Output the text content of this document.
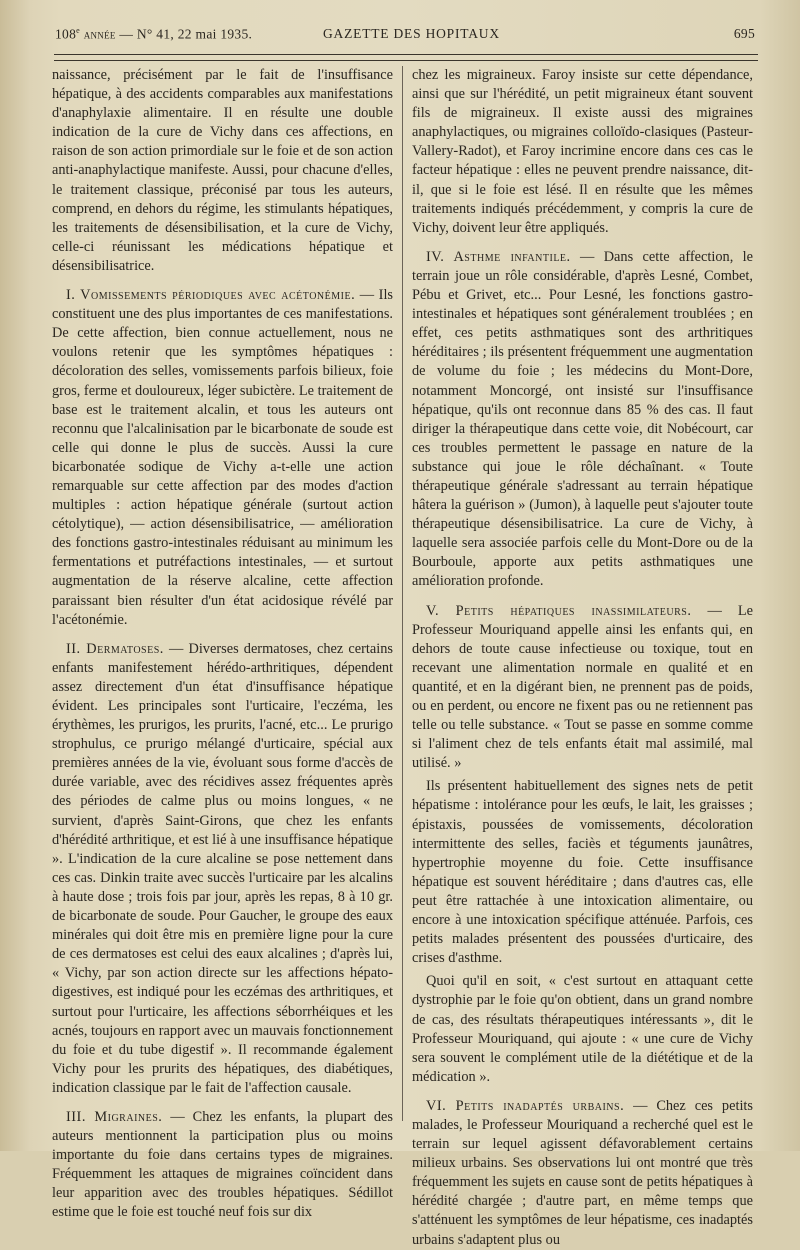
108e année — N° 41, 22 mai 1935.	GAZETTE DES HOPITAUX	695

naissance, précisément par le fait de l'insuffisance hépatique, à des accidents comparables aux manifestations d'anaphylaxie alimentaire. Il en résulte une double indication de la cure de Vichy dans ces affections, en raison de son action primordiale sur le foie et de son action anti-anaphylactique manifeste. Aussi, pour chacune d'elles, le traitement classique, préconisé par tous les auteurs, comprend, en dehors du régime, les stimulants hépatiques, les traitements de désensibilisation, et la cure de Vichy, celle-ci réunissant les médications hépatique et désensibilisatrice.

I. Vomissements périodiques avec acétonémie. — Ils constituent une des plus importantes de ces manifestations. De cette affection, bien connue actuellement, nous ne voulons retenir que les symptômes hépatiques : décoloration des selles, vomissements parfois bilieux, foie gros, ferme et douloureux, léger subictère. Le traitement de base est le traitement alcalin, et tous les auteurs ont reconnu que l'alcalinisation par le bicarbonate de soude est celle qui donne le plus de succès. Aussi la cure bicarbonatée sodique de Vichy a-t-elle une action remarquable sur cette affection par des modes d'action multiples : action hépatique générale (surtout action cétolytique), — action désensibilisatrice, — amélioration des fonctions gastro-intestinales réduisant au minimum les fermentations et putréfactions intestinales, — et surtout augmentation de la réserve alcaline, cette affection paraissant bien résulter d'un état acidosique révélé par l'acétonémie.

II. Dermatoses. — Diverses dermatoses, chez certains enfants manifestement hérédo-arthritiques, dépendent assez directement d'un état d'insuffisance hépatique évident. Les principales sont l'urticaire, l'eczéma, les érythèmes, les prurigos, les prurits, l'acné, etc... Le prurigo strophulus, ce prurigo mélangé d'urticaire, spécial aux premières années de la vie, évoluant sous forme d'accès de durée variable, avec des récidives assez fréquentes après des périodes de calme plus ou moins longues, « ne survient, d'après Saint-Girons, que chez les enfants d'hérédité arthritique, et est lié à une insuffisance hépatique ». L'indication de la cure alcaline se pose nettement dans ces cas. Dinkin traite avec succès l'urticaire par les alcalins à haute dose ; trois fois par jour, après les repas, 8 à 10 gr. de bicarbonate de soude. Pour Gaucher, le groupe des eaux minérales qui doit être mis en première ligne pour la cure de ces dermatoses est celui des eaux alcalines ; d'après lui, « Vichy, par son action directe sur les affections hépato-digestives, est indiqué pour les eczémas des arthritiques, et surtout pour l'urticaire, les affections séborrhéiques et les acnés, toujours en rapport avec un mauvais fonctionnement du foie et du tube digestif ». Il recommande également Vichy pour les prurits des hépatiques, des diabétiques, indication classique par le fait de l'affection causale.

III. Migraines. — Chez les enfants, la plupart des auteurs mentionnent la participation plus ou moins importante du foie dans certains types de migraines. Fréquemment les attaques de migraines coïncident dans leur apparition avec des troubles hépatiques. Sédillot estime que le foie est touché neuf fois sur dix

chez les migraineux. Faroy insiste sur cette dépendance, ainsi que sur l'hérédité, un petit migraineux étant souvent fils de migraineux. Il existe aussi des migraines anaphylactiques, ou migraines colloïdo-clasiques (Pasteur-Vallery-Radot), et Faroy incrimine encore dans ces cas le facteur hépatique : elles ne peuvent prendre naissance, dit-il, que si le foie est lésé. Il en résulte que les mêmes traitements indiqués précédemment, y compris la cure de Vichy, doivent leur être appliqués.

IV. Asthme infantile. — Dans cette affection, le terrain joue un rôle considérable, d'après Lesné, Combet, Pébu et Grivet, etc... Pour Lesné, les fonctions gastro-intestinales et hépatiques sont généralement troublées ; en effet, ces petits asthmatiques sont des arthritiques héréditaires ; ils présentent fréquemment une augmentation de volume du foie ; les médecins du Mont-Dore, notamment Moncorgé, ont insisté sur l'insuffisance hépatique, qu'ils ont reconnue dans 85 % des cas. Il faut diriger la thérapeutique dans cette voie, dit Nobécourt, car ces troubles permettent le passage en nature de la substance qui joue le rôle déchaînant. « Toute thérapeutique générale s'adressant au terrain hépatique hâtera la guérison » (Jumon), à laquelle peut s'ajouter toute thérapeutique désensibilisatrice. La cure de Vichy, à laquelle sera associée parfois celle du Mont-Dore ou de la Bourboule, apporte aux petits asthmatiques une amélioration profonde.

V. Petits hépatiques inassimilateurs. — Le Professeur Mouriquand appelle ainsi les enfants qui, en dehors de toute cause infectieuse ou toxique, tout en recevant une alimentation normale en qualité et en quantité, et en la digérant bien, ne prennent pas de poids, ou en perdent, ou encore ne fixent pas ou ne retiennent pas telle ou telle substance. « Tout se passe en somme comme si l'aliment chez de tels enfants était mal assimilé, mal utilisé. »

Ils présentent habituellement des signes nets de petit hépatisme : intolérance pour les œufs, le lait, les graisses ; épistaxis, poussées de vomissements, décoloration intermittente des selles, faciès et téguments jaunâtres, hypertrophie moyenne du foie. Cette insuffisance hépatique est souvent héréditaire ; dans d'autres cas, elle peut être rattachée à une intoxication alimentaire, ou encore à une intoxication spécifique atténuée. Parfois, ces petits malades présentent des poussées d'urticaire, des crises d'asthme.

Quoi qu'il en soit, « c'est surtout en attaquant cette dystrophie par le foie qu'on obtient, dans un grand nombre de cas, des résultats thérapeutiques intéressants », dit le Professeur Mouriquand, qui ajoute : « une cure de Vichy sera souvent le complément utile de la diététique et de la médication ».

VI. Petits inadaptés urbains. — Chez ces petits malades, le Professeur Mouriquand a recherché quel est le terrain sur lequel agissent défavorablement certains milieux urbains. Ses observations lui ont montré que très fréquemment les sujets en cause sont de petits hépatiques à hérédité chargée ; d'autre part, en même temps que s'atténuent les symptômes de leur hépatisme, ces inadaptés urbains s'adaptent plus ou
